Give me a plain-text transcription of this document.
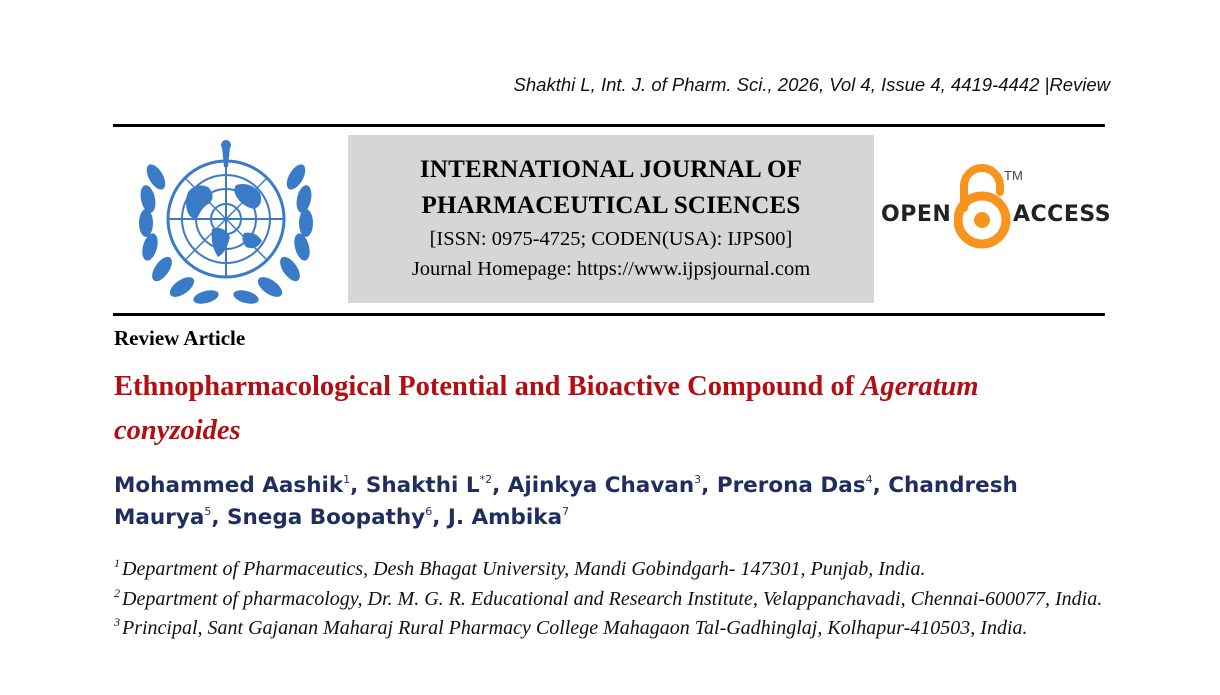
Shakthi L, Int. J. of Pharm. Sci., 2026, Vol 4, Issue 4, 4419-4442 |Review
INTERNATIONAL JOURNAL OF
PHARMACEUTICAL SCIENCES
[ISSN: 0975-4725; CODEN(USA): IJPS00]
Journal Homepage: https://www.ijpsjournal.com
OPEN
TM
ACCESS
Review Article
Ethnopharmacological Potential and Bioactive Compound of Ageratum conyzoides
Mohammed Aashik$^1$, Shakthi $L^{*2}$, Ajinkya Chavan$^3$, Prerona Das$^4$, Chandresh Maurya$^5$, Snega Boopathy$^6$, J. Ambika$^7$
$^1$ Department of Pharmaceutics, Desh Bhagat University, Mandi Gobindgarh- 147301, Punjab, India.
$^2$ Department of pharmacology, Dr. M. G. R. Educational and Research Institute, Velappanchavadi, Chennai-600077, India.
$^3$ Principal, Sant Gajanan Maharaj Rural Pharmacy College Mahagaon Tal-Gadhinglaj, Kolhapur-410503, India.
